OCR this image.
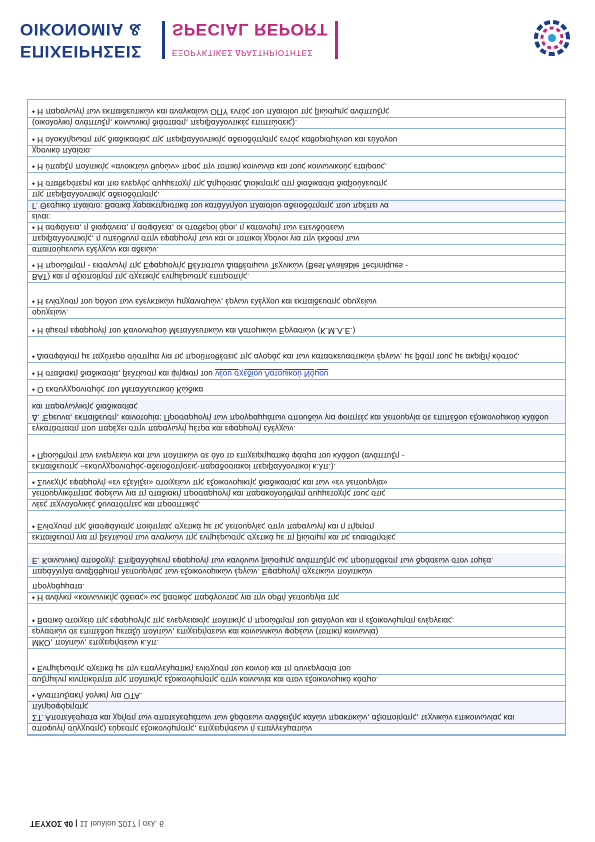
ΤΕΥΧΟΣ 40 | 11 Ιουλίου 2017 | σελ. 6
αποφυγή σύγχυσης) εύρεσης εξοικονόμησης, επιχειρήσεων ή επαγγελματιών
ΣΤ. Αποτελέσματα και χρήση των αποτελεσμάτων των δράσεων ανάδειξης καλών πρακτικών, αξιοποίησης, τεχνικών επικοινωνίας και πληροφόρησης
• Αναπτυξιακή λογική για ΟΤΑ.
αυξημένη κινητικότητα της πολιτικής εξοικονόμησης στην κοινωνία και στον εξοικονομικό κόσμο.
• Ενημέρωσης σχετικά με την επαγγελματική ενίσχυση του κοινού και τη συνεργασία του
ΜΚΟ, πολιτών, επιχειρήσεων κ.λπ.
εργασιών σε επιπέδου μεταξύ πολιτών, επιχειρήσεων και κοινωνικών φορέων (τοπική κοινωνία)
• Βασικό στοιχείο της εφαρμογής της ενεργειακής πολιτικής η προώθηση του διαλόγου και η εξοικονόμηση ενέργειας.
• Η ανάγκη «κοινωνικής άδειας» ως βασικός παράγοντας για την ορθή λειτουργία της
προγράμματα.
παράλληλα αναβάθμιση λειτουργίας των εξοικονομικών έργων. Εφαρμογή σχετικών πολιτικών
Ε. Κοινωνική αποδοχή: Επιβαλλόμενη εφαρμογή των κανόνων βιώσιμης ανάπτυξης ως προϋπόθεση των δράσεων στον τομέα.
εκπαίδευση για τη βελτίωση των αναγκών της ενημέρωσης σχετικά με τη βιώσιμη και τις ευαισθησίες
• Ενίσχυση της διασφάλισης ποιότητας σχετικά με τις λειτουργίες στην παραγωγή και η τήρηση
νέες τεχνολογικές δυνατότητες και προοπτικές.
λειτουργικότητας φορέων για τη σταδιακή προσαρμογή και παρακολούθηση συμμετοχής τους στις
• Συνεχής εφαρμογή «εν εξελίξει» στοιχείων της εξοικονομικής διαδικασίας και των «εν λειτουργία»
εκπαίδευσης –εκσυγχρονισμός-αδειοδοτήσεις-παραδοσιακοί περιβαλλοντικοί κ.λπ.).
• Προώθηση των ενεργειών και των πολιτικών σε όλο το επιχειρηματικό φάσμα του κλάδου (ανάπτυξη -
εγκατάσταση που παρέχει στην παραγωγή μέτρα και εφαρμογή ελέγχων.
Δ. Έρευνα, εκπαίδευση, καινοτομία: Προσαρμογή των προγραμμάτων σπουδών για φοιτητές και λειτουργία σε επιπέδου εξοικονομικού κλάδου και παραγωγικής διαδικασίας
• Ο εκσυγχρονισμός του Μεταλλευτικού Κώδικα
• Η σταδιακή διαδικασία, βελτίωση και ψήφιση του νέου σχεδίου Λατομικού Νόμου
• Διασφάλιση με ταχύτερο σύστημα για τις προϋποθέσεις της αγοράς και των κατασκευαστικών έργων, με βάση τους με ακριβή κόστος.
• Η άμεση εφαρμογή του Κανονισμού Μεταλλευτικών και Λατομικών Εργασιών (Κ.Μ.Λ.Ε.)
ορυχείων.
• Η ενίσχυση του ρόλου των ελεγκτικών μηχανισμών, έργων ελέγχου και εκπαίδευσης ορυχείων
ΒΑΤ) και η αξιοποίηση της σχετικής ενημέρωσης επιτροπής.
• Η προώθηση - εισαγωγή της Εφαρμογής Βέλτιστων Διαθέσιμων Τεχνικών (Best Available Techniques -
απαιτούμενων ελέγχων και αδειών.
περιβαλλοντικής, η υπεύθυνη στην εφαρμογή των και οι τοπικοί χρόνοι για την έκδοση των
• Η ασφάλεια, η διαφάνεια, η ασφάλεια, οι σταθεροί όροι, η κατανομή των επενδύσεων
είναι:
Γ. Θεσμικό πλαίσιο: Βασικά χαρακτηριστικά του κατάλληλου πλαισίου αδειοδότησης που πρέπει να
της περιβαλλοντικής αδειοδότησης.
• Η σταθερότερη και πιο ενεργός συμμετοχή της Δημόσιας Διοίκησης στη διαδικασία διαβούλευσης
• Η ύπαρξη πολιτικής «ανοικτών θυρών» προς την τοπική κοινωνία και τους κοινωνικούς εταίρους.
χρονικό πλαίσιο.
• Η ολοκλήρωση της διαδικασίας της περιβαλλοντικής αδειοδότησης εντός καθορισμένου και εύλογου
(οικολογική ανάπτυξη, κοινωνική διάσταση, περιβαλλοντικές επιπτώσεις).
• Η παραγωγή των εκπαιδευτικών και αναγκαίων ΟΠΥ εντός του πλαισίου της βιώσιμης ανάπτυξης
ΕΠΙΧΕΙΡΗΣΕΙΣ
ΟΙΚΟΝΟΜΙΑ &
ΕΞΟΡΥΚΤΙΚΕΣ ΔΡΑΣΤΗΡΙΟΤΗΤΕΣ
SPECIAL REPORT
